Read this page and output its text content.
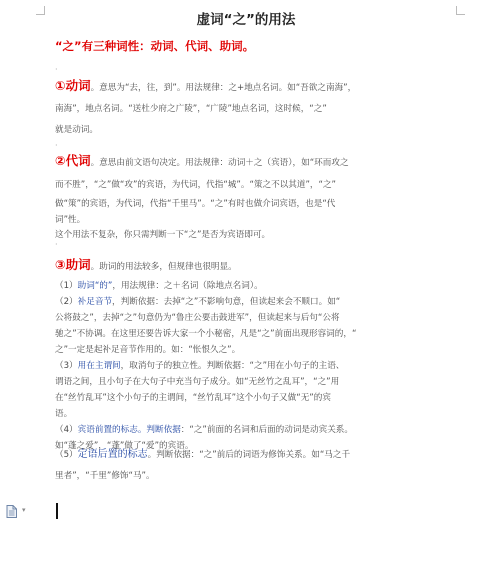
虚词“之”的用法
“之”有三种词性：动词、代词、助词。
·
①动词。意思为“去，往，到”。用法规律：之+地点名词。如“吾欲之南海”，
南海”，地点名词。“送杜少府之广陵”，“广陵”地点名词，这时候，“之”
就是动词。
·
②代词。意思由前文语句决定。用法规律：动词＋之（宾语），如“环而攻之
而不胜”，“之”做“攻”的宾语，为代词，代指“城”。“策之不以其道”，“之”
做“策”的宾语，为代词，代指“千里马”。“之”有时也做介词宾语，也是“代
词”性。
这个用法不复杂，你只需判断一下“之”是否为宾语即可。
·
③助词。助词的用法较多，但规律也很明显。
（1）助词“的”，用法规律：之＋名词（除地点名词）。
（2）补足音节，判断依据：去掉“之”不影响句意，但读起来会不顺口。如“
公将鼓之”，去掉“之”句意仍为“鲁庄公要击鼓进军”，但读起来与后句“公将
驰之”不协调。在这里还要告诉大家一个小秘密，凡是“之”前面出现形容词的，“
之”一定是起补足音节作用的。如：“怅恨久之”。
（3）用在主谓间，取消句子的独立性。判断依据：“之”用在小句子的主语、
谓语之间，且小句子在大句子中充当句子成分。如“无丝竹之乱耳”，“之”用
在“丝竹乱耳”这个小句子的主谓间，“丝竹乱耳”这个小句子又做“无”的宾
语。
（4）宾语前置的标志。判断依据：“之”前面的名词和后面的动词是动宾关系。
如“蓬之爱”，“蓬”做了“爱”的宾语。
（5）定语后置的标志。判断依据：“之”前后的词语为修饰关系。如“马之千
里者”，“千里”修饰“马”。
▾
